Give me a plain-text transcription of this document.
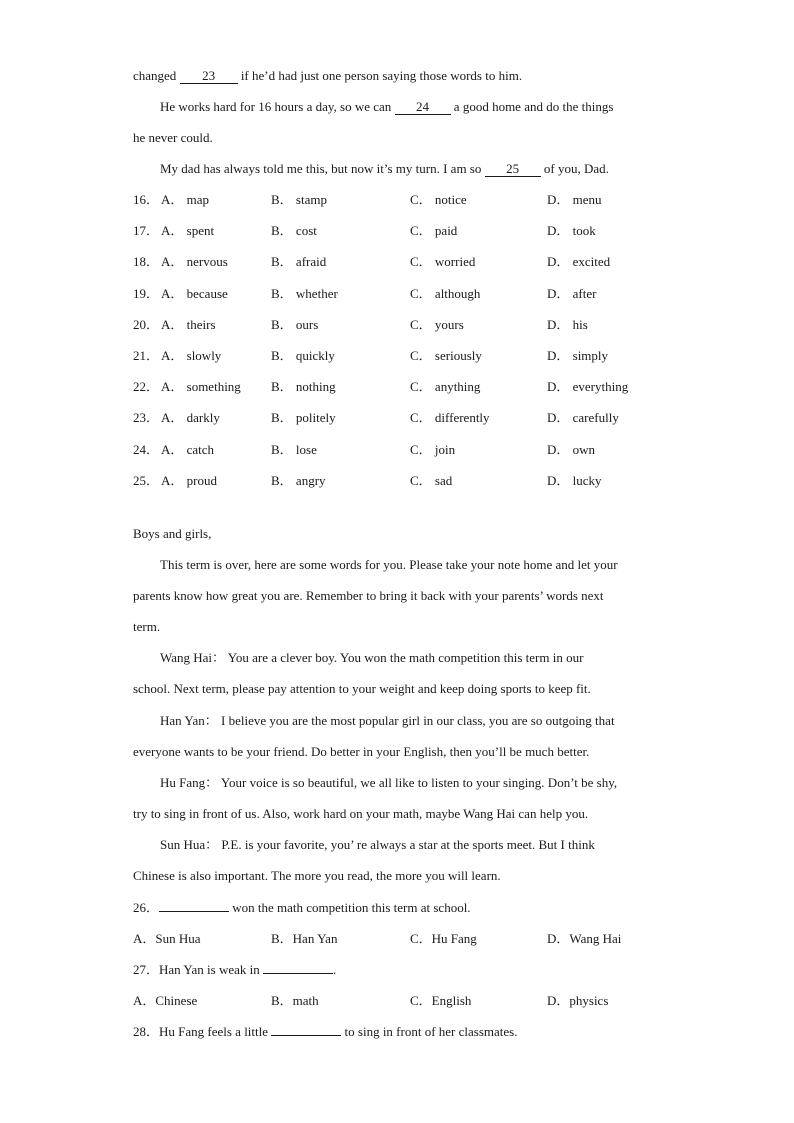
changed 23 if he’d had just one person saying those words to him.
He works hard for 16 hours a day, so we can 24 a good home and do the things
he never could.
My dad has always told me this, but now it’s my turn. I am so 25 of you, Dad.
16． A． map	B． stamp	C． notice	D． menu
17． A． spent	B． cost	C． paid	D． took
18． A． nervous	B． afraid	C． worried	D． excited
19． A． because	B． whether	C． although	D． after
20． A． theirs	B． ours	C． yours	D． his
21． A． slowly	B． quickly	C． seriously	D． simply
22． A． something B． nothing	C． anything	D． everything
23． A． darkly	B． politely	C． differently	D． carefully
24． A． catch	B． lose	C． join	D． own
25． A． proud	B． angry	C． sad	D． lucky
Boys and girls,
This term is over, here are some words for you. Please take your note home and let your
parents know how great you are. Remember to bring it back with your parents’ words next
term.
Wang Hai： You are a clever boy. You won the math competition this term in our
school. Next term, please pay attention to your weight and keep doing sports to keep fit.
Han Yan： I believe you are the most popular girl in our class, you are so outgoing that
everyone wants to be your friend. Do better in your English, then you’ll be much better.
Hu Fang： Your voice is so beautiful, we all like to listen to your singing. Don’t be shy,
try to sing in front of us. Also, work hard on your math, maybe Wang Hai can help you.
Sun Hua： P.E. is your favorite, you’ re always a star at the sports meet. But I think
Chinese is also important. The more you read, the more you will learn.
26．	won the math competition this term at school.
A．Sun Hua	B．Han Yan	C．Hu Fang	D．Wang Hai
27．Han Yan is weak in	.
A．Chinese	B．math	C．English	D．physics
28．Hu Fang feels a little	to sing in front of her classmates.
